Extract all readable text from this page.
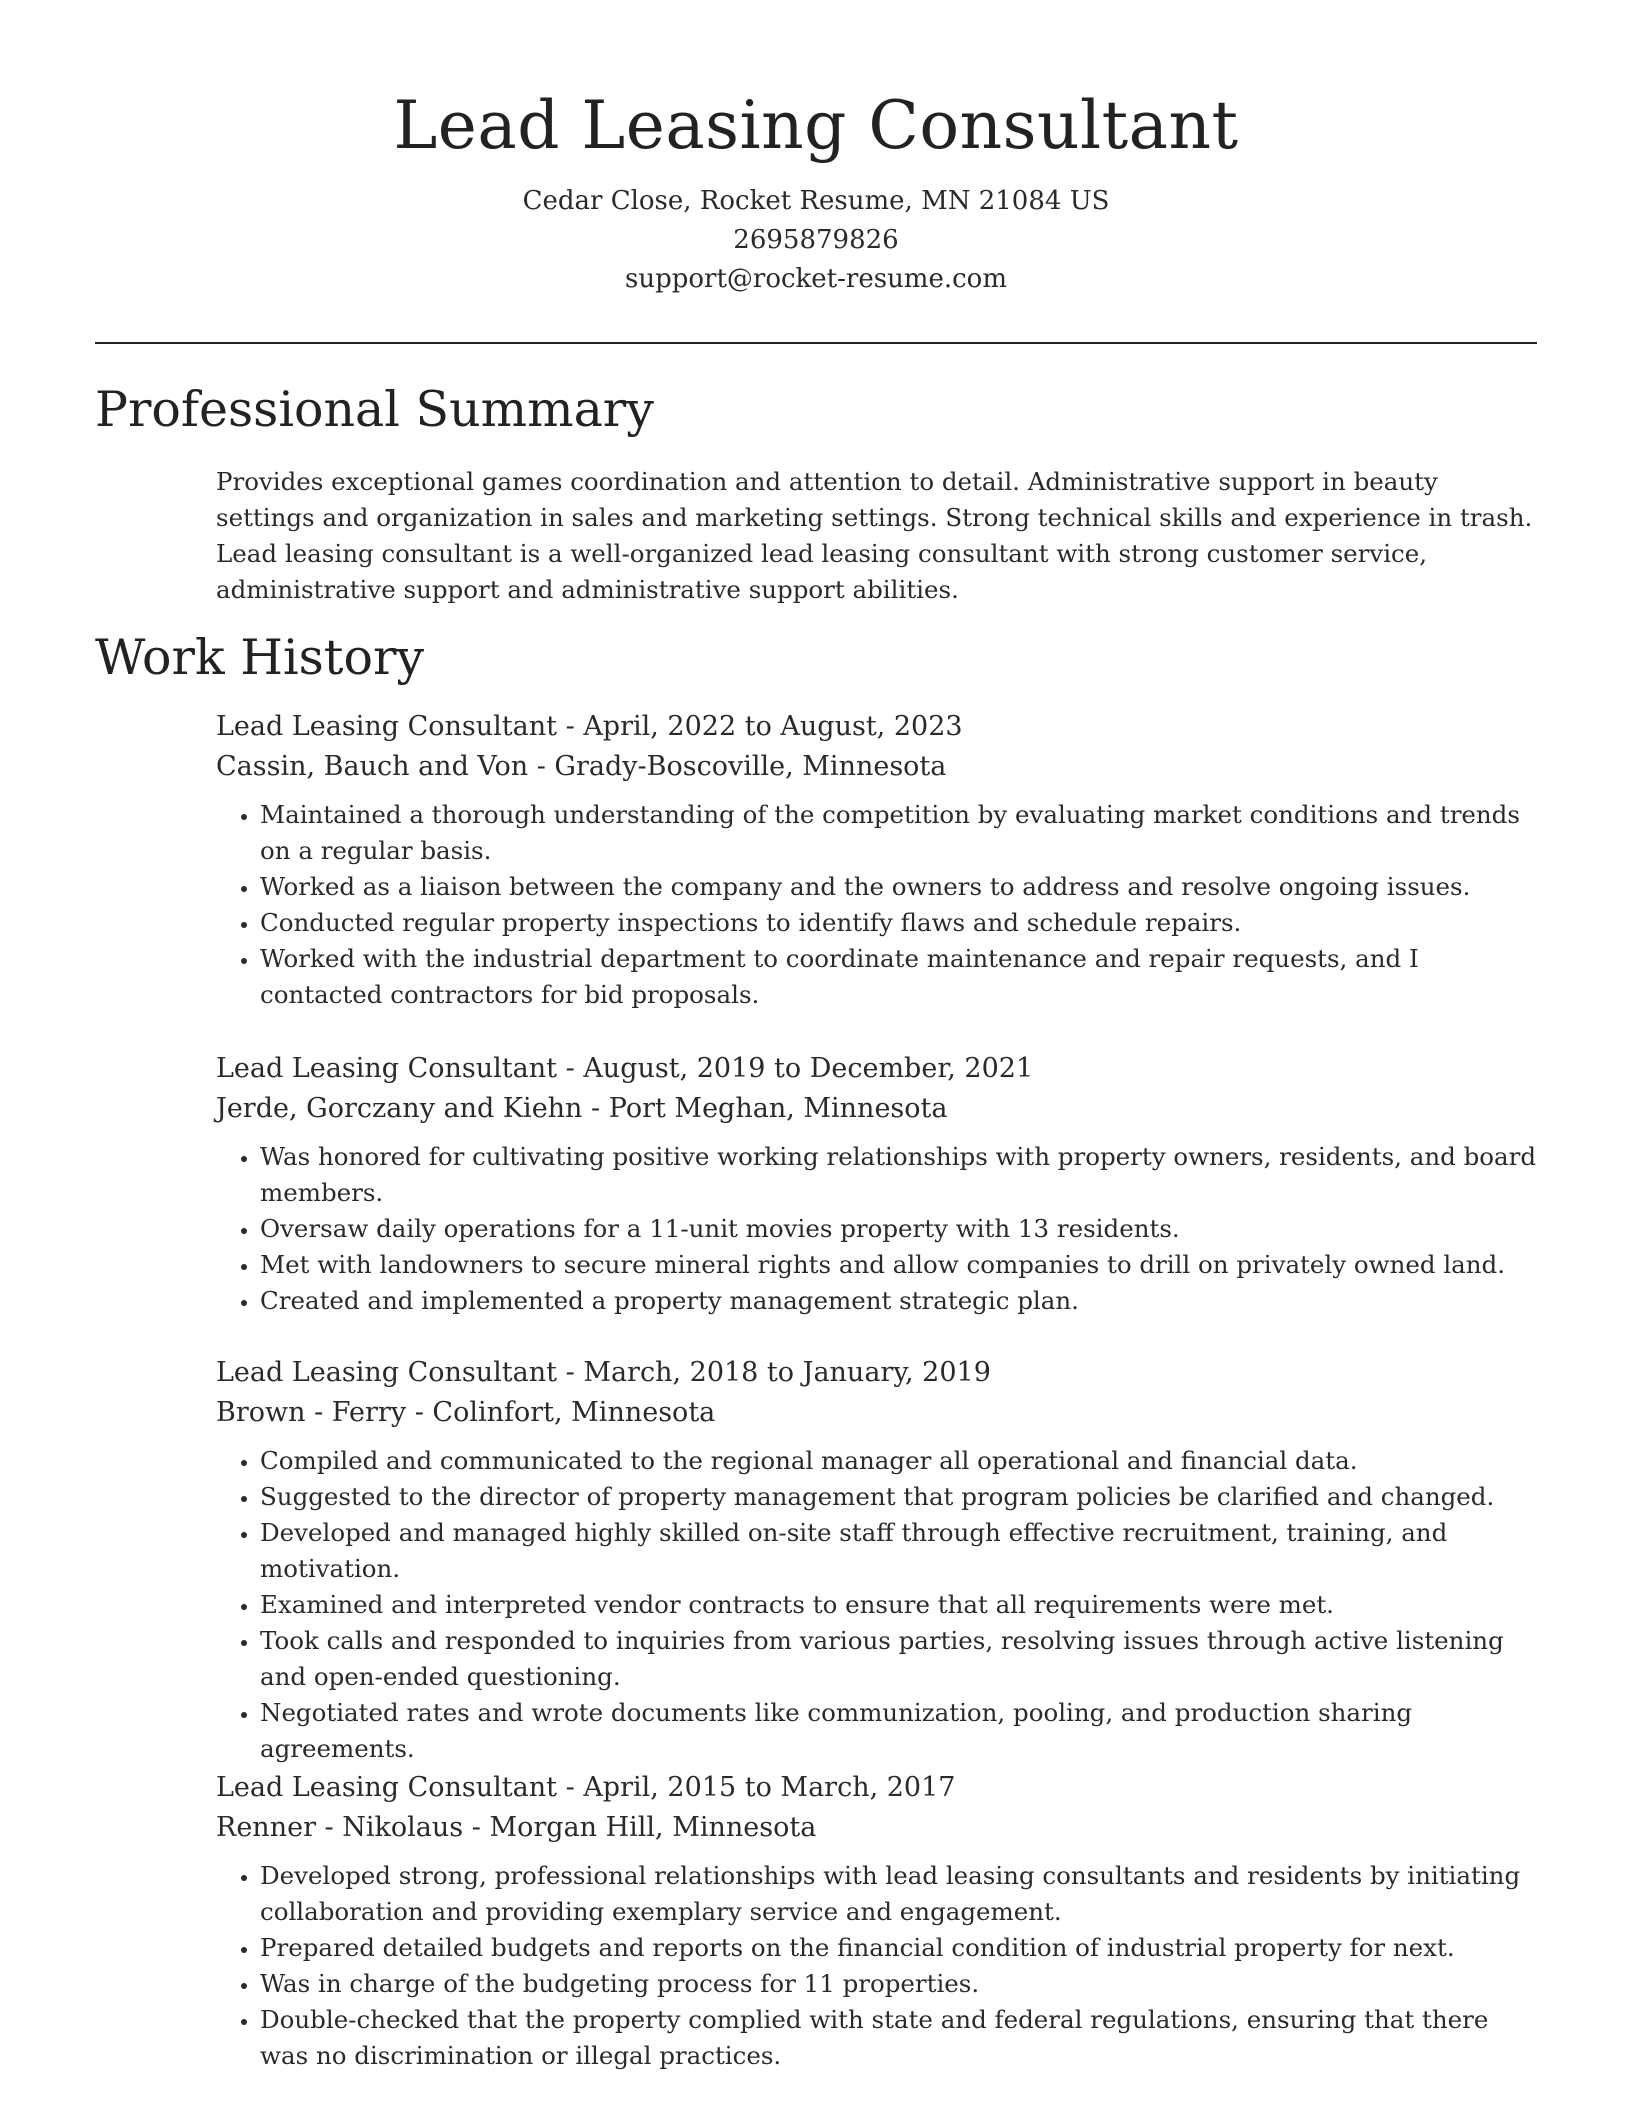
Lead Leasing Consultant
Cedar Close, Rocket Resume, MN 21084 US
2695879826
support@rocket-resume.com
Professional Summary

Provides exceptional games coordination and attention to detail. Administrative support in beauty settings and organization in sales and marketing settings. Strong technical skills and experience in trash. Lead leasing consultant is a well-organized lead leasing consultant with strong customer service, administrative support and administrative support abilities.

Work History
Lead Leasing Consultant - April, 2022 to August, 2023
Cassin, Bauch and Von - Grady-Boscoville, Minnesota
• Maintained a thorough understanding of the competition by evaluating market conditions and trends on a regular basis.
• Worked as a liaison between the company and the owners to address and resolve ongoing issues.
• Conducted regular property inspections to identify flaws and schedule repairs.
• Worked with the industrial department to coordinate maintenance and repair requests, and I contacted contractors for bid proposals.
Lead Leasing Consultant - August, 2019 to December, 2021
Jerde, Gorczany and Kiehn - Port Meghan, Minnesota
• Was honored for cultivating positive working relationships with property owners, residents, and board members.
• Oversaw daily operations for a 11-unit movies property with 13 residents.
• Met with landowners to secure mineral rights and allow companies to drill on privately owned land.
• Created and implemented a property management strategic plan.
Lead Leasing Consultant - March, 2018 to January, 2019
Brown - Ferry - Colinfort, Minnesota
• Compiled and communicated to the regional manager all operational and financial data.
• Suggested to the director of property management that program policies be clarified and changed.
• Developed and managed highly skilled on-site staff through effective recruitment, training, and motivation.
• Examined and interpreted vendor contracts to ensure that all requirements were met.
• Took calls and responded to inquiries from various parties, resolving issues through active listening and open-ended questioning.
• Negotiated rates and wrote documents like communization, pooling, and production sharing agreements.
Lead Leasing Consultant - April, 2015 to March, 2017
Renner - Nikolaus - Morgan Hill, Minnesota
• Developed strong, professional relationships with lead leasing consultants and residents by initiating collaboration and providing exemplary service and engagement.
• Prepared detailed budgets and reports on the financial condition of industrial property for next.
• Was in charge of the budgeting process for 11 properties.
• Double-checked that the property complied with state and federal regulations, ensuring that there was no discrimination or illegal practices.
